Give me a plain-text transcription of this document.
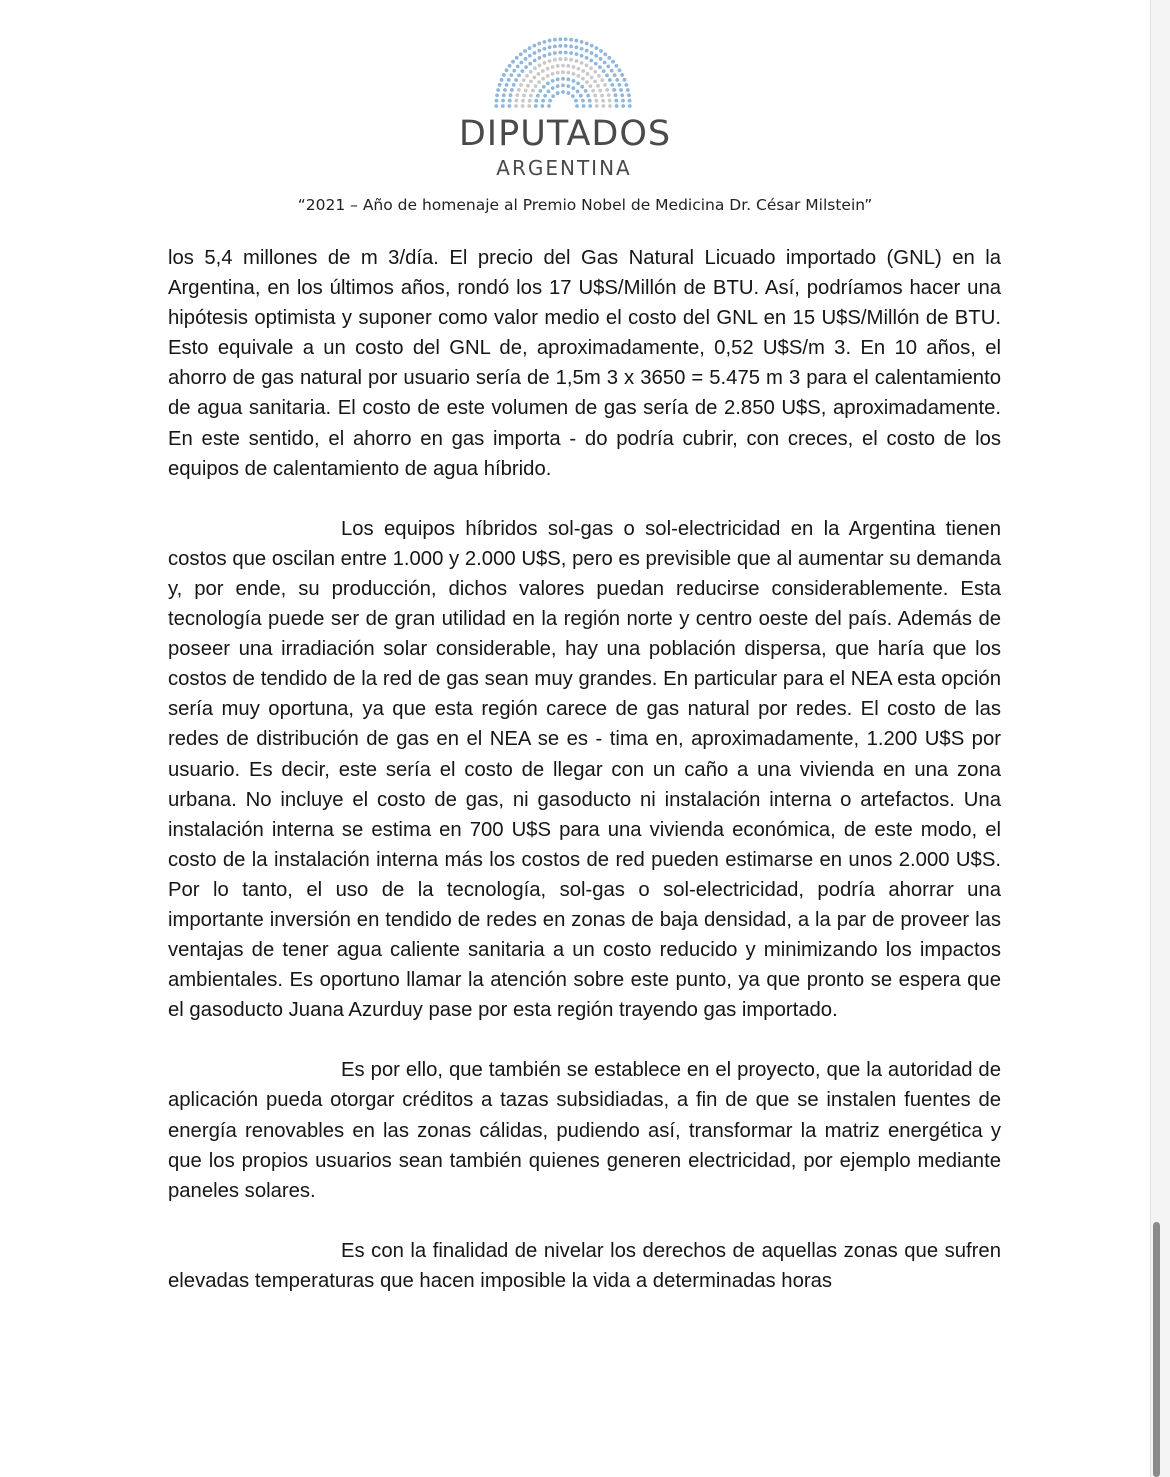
DIPUTADOS
ARGENTINA
“2021 – Año de homenaje al Premio Nobel de Medicina Dr. César Milstein”

los 5,4 millones de m 3/día. El precio del Gas Natural Licuado importado (GNL) en la Argentina, en los últimos años, rondó los 17 U$S/Millón de BTU. Así, podríamos hacer una hipótesis optimista y suponer como valor medio el costo del GNL en 15 U$S/Millón de BTU. Esto equivale a un costo del GNL de, aproximadamente, 0,52 U$S/m 3. En 10 años, el ahorro de gas natural por usuario sería de 1,5m 3 x 3650 = 5.475 m 3 para el calentamiento de agua sanitaria. El costo de este volumen de gas sería de 2.850 U$S, aproximadamente. En este sentido, el ahorro en gas importa - do podría cubrir, con creces, el costo de los equipos de calentamiento de agua híbrido.

Los equipos híbridos sol-gas o sol-electricidad en la Argentina tienen costos que oscilan entre 1.000 y 2.000 U$S, pero es previsible que al aumentar su demanda y, por ende, su producción, dichos valores puedan reducirse considerablemente. Esta tecnología puede ser de gran utilidad en la región norte y centro oeste del país. Además de poseer una irradiación solar considerable, hay una población dispersa, que haría que los costos de tendido de la red de gas sean muy grandes. En particular para el NEA esta opción sería muy oportuna, ya que esta región carece de gas natural por redes. El costo de las redes de distribución de gas en el NEA se es - tima en, aproximadamente, 1.200 U$S por usuario. Es decir, este sería el costo de llegar con un caño a una vivienda en una zona urbana. No incluye el costo de gas, ni gasoducto ni instalación interna o artefactos. Una instalación interna se estima en 700 U$S para una vivienda económica, de este modo, el costo de la instalación interna más los costos de red pueden estimarse en unos 2.000 U$S. Por lo tanto, el uso de la tecnología, sol-gas o sol-electricidad, podría ahorrar una importante inversión en tendido de redes en zonas de baja densidad, a la par de proveer las ventajas de tener agua caliente sanitaria a un costo reducido y minimizando los impactos ambientales. Es oportuno llamar la atención sobre este punto, ya que pronto se espera que el gasoducto Juana Azurduy pase por esta región trayendo gas importado.

Es por ello, que también se establece en el proyecto, que la autoridad de aplicación pueda otorgar créditos a tazas subsidiadas, a fin de que se instalen fuentes de energía renovables en las zonas cálidas, pudiendo así, transformar la matriz energética y que los propios usuarios sean también quienes generen electricidad, por ejemplo mediante paneles solares.

Es con la finalidad de nivelar los derechos de aquellas zonas que sufren elevadas temperaturas que hacen imposible la vida a determinadas horas
